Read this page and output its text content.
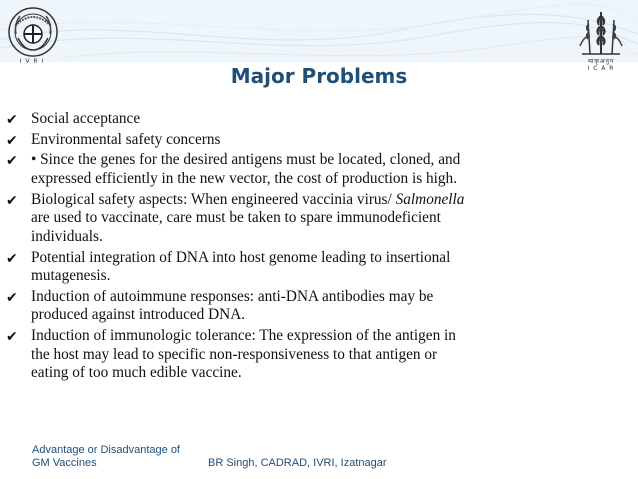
I V R I	भाकृअनुप
I C A R
Major Problems
✔ Social acceptance
✔ Environmental safety concerns
✔ • Since the genes for the desired antigens must be located, cloned, and
expressed efficiently in the new vector, the cost of production is high.
✔ Biological safety aspects: When engineered vaccinia virus/ Salmonella
are used to vaccinate, care must be taken to spare immunodeficient
individuals.
✔ Potential integration of DNA into host genome leading to insertional
mutagenesis.
✔ Induction of autoimmune responses: anti-DNA antibodies may be
produced against introduced DNA.
✔ Induction of immunologic tolerance: The expression of the antigen in
the host may lead to specific non-responsiveness to that antigen or
eating of too much edible vaccine.
Advantage or Disadvantage of
GM Vaccines	BR Singh, CADRAD, IVRI, Izatnagar
